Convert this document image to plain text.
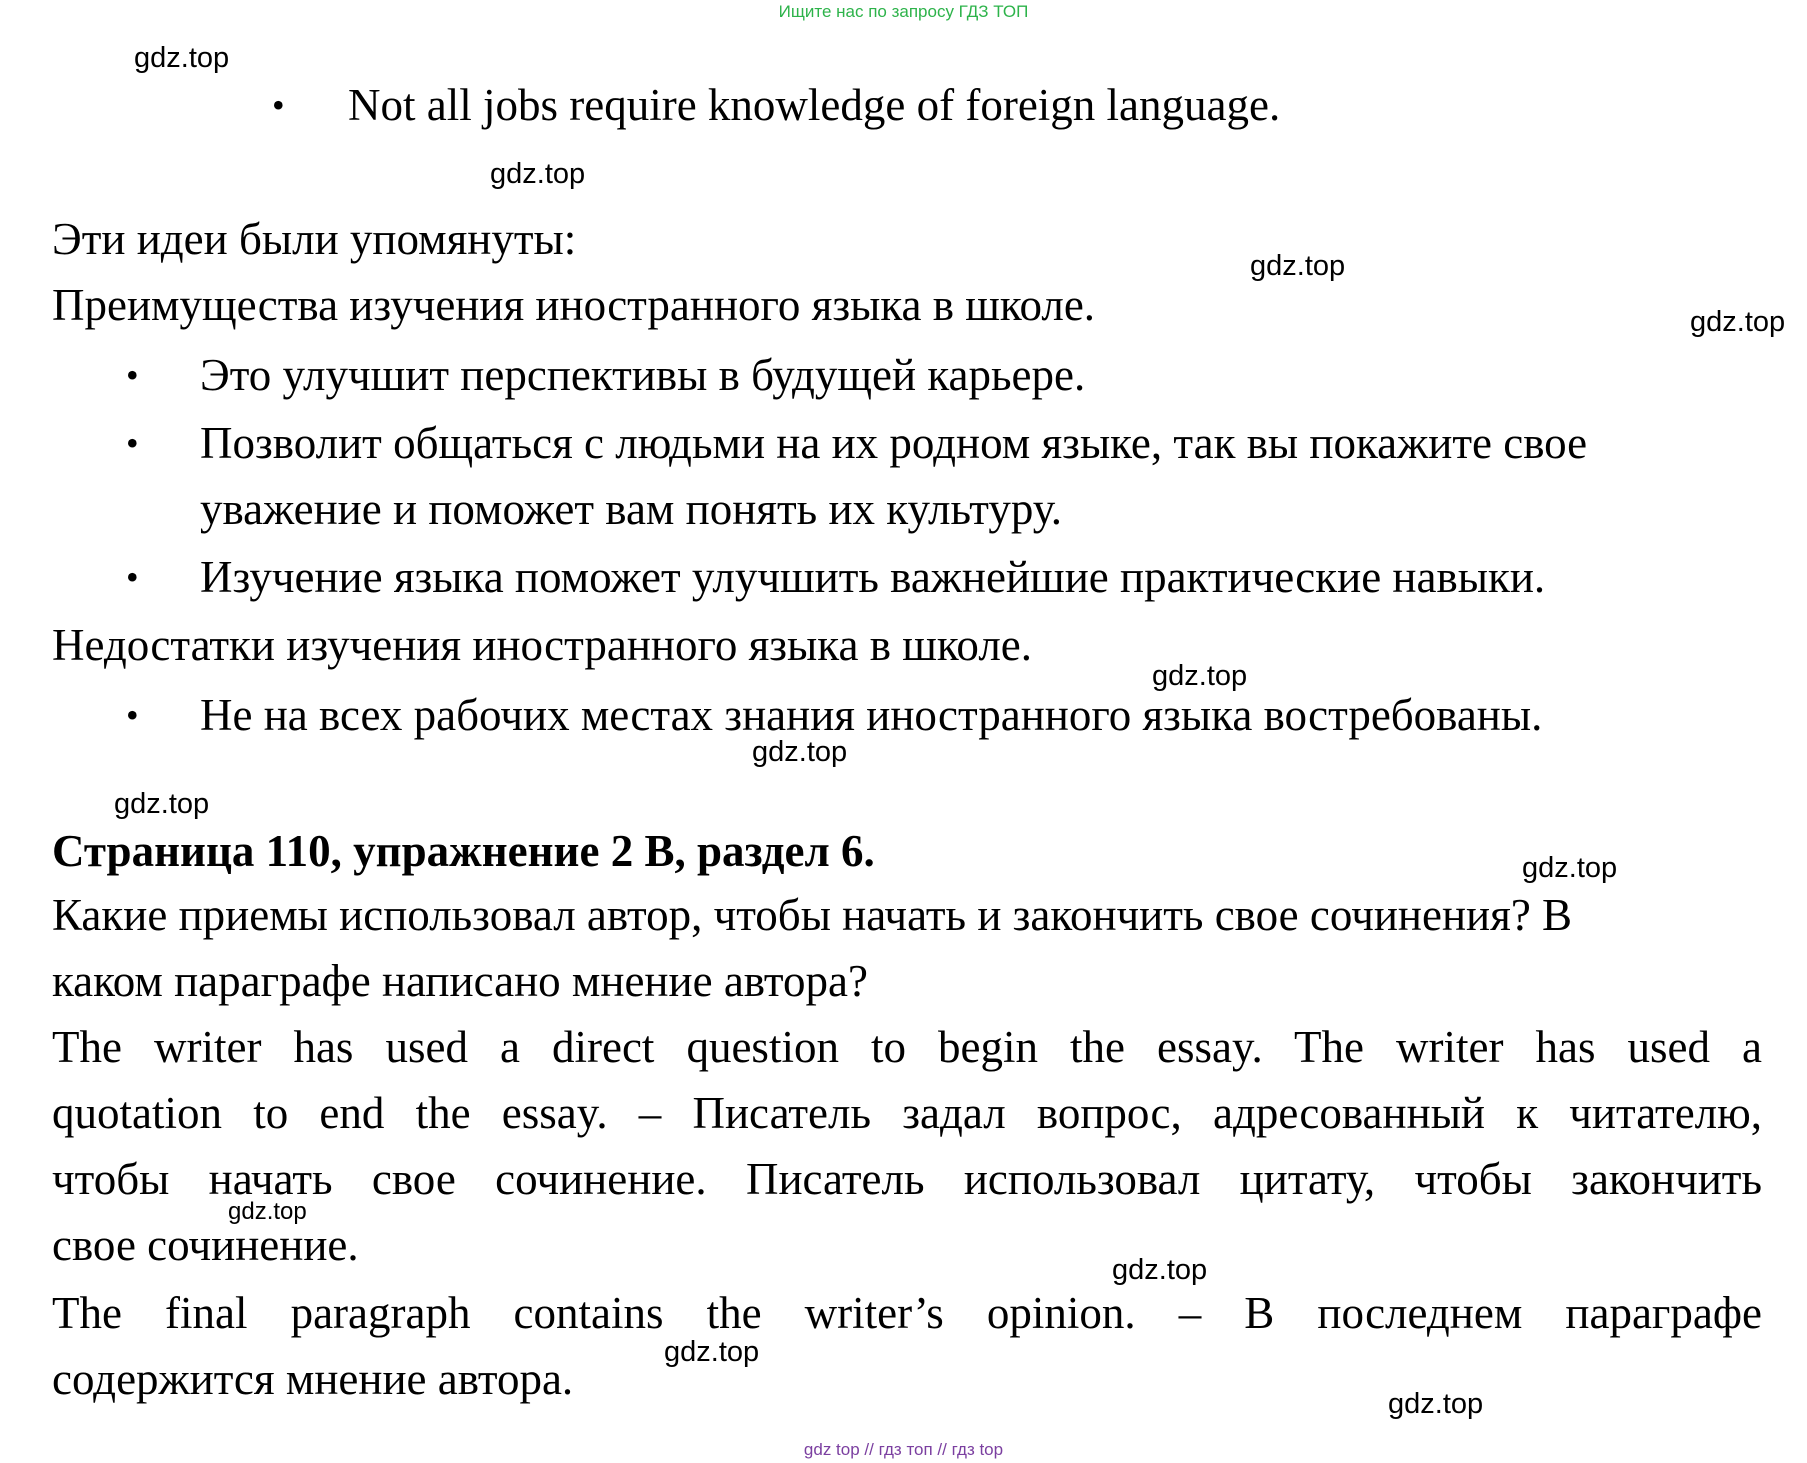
Ищите нас по запросу ГДЗ ТОП
gdz.top
gdz.top
gdz.top
gdz.top
gdz.top
gdz.top
gdz.top
gdz.top
gdz.top
gdz.top
gdz.top
gdz.top
• Not all jobs require knowledge of foreign language.
Эти идеи были упомянуты:
Преимущества изучения иностранного языка в школе.
• Это улучшит перспективы в будущей карьере.
• Позволит общаться с людьми на их родном языке, так вы покажите свое
уважение и поможет вам понять их культуру.
• Изучение языка поможет улучшить важнейшие практические навыки.
Недостатки изучения иностранного языка в школе.
• Не на всех рабочих местах знания иностранного языка востребованы.
Страница 110, упражнение 2 B, раздел 6.
Какие приемы использовал автор, чтобы начать и закончить свое сочинения? В
каком параграфе написано мнение автора?
The writer has used a direct question to begin the essay. The writer has used a
quotation to end the essay. – Писатель задал вопрос, адресованный к читателю,
чтобы начать свое сочинение. Писатель использовал цитату, чтобы закончить
свое сочинение.
The final paragraph contains the writer’s opinion. – В последнем параграфе
содержится мнение автора.
gdz top // гдз топ // гдз top
